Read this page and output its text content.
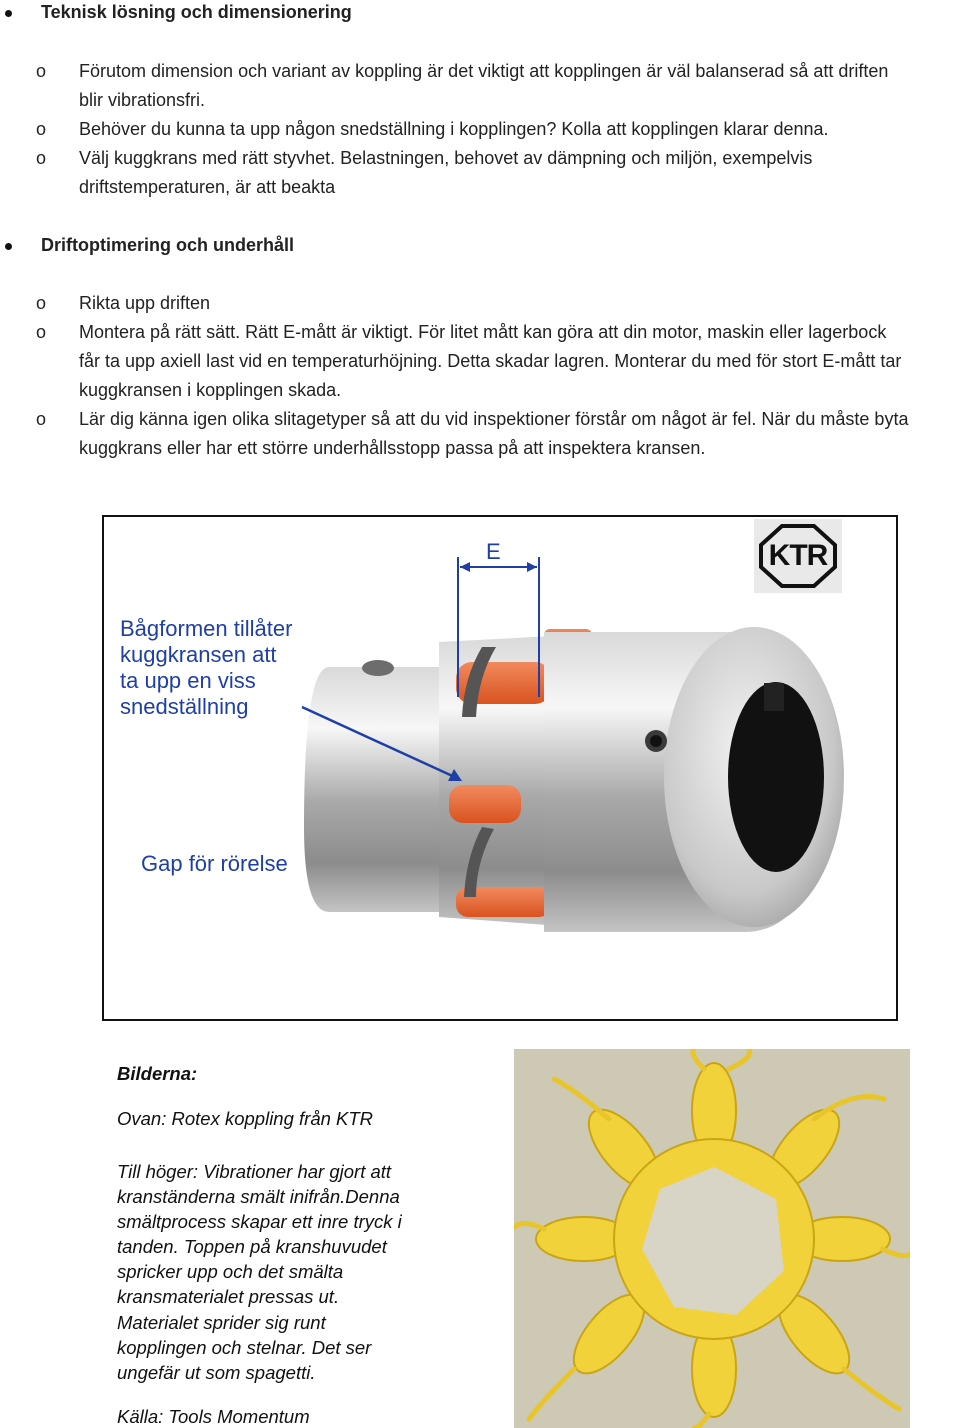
Teknisk lösning och dimensionering
o Förutom dimension och variant av koppling är det viktigt att kopplingen är väl balanserad så att driften
blir vibrationsfri.
o Behöver du kunna ta upp någon snedställning i kopplingen? Kolla att kopplingen klarar denna.
o Välj kuggkrans med rätt styvhet. Belastningen, behovet av dämpning och miljön, exempelvis
driftstemperaturen, är att beakta
Driftoptimering och underhåll
o Rikta upp driften
o Montera på rätt sätt. Rätt E-mått är viktigt. För litet mått kan göra att din motor, maskin eller lagerbock
får ta upp axiell last vid en temperaturhöjning. Detta skadar lagren. Monterar du med för stort E-mått tar
kuggkransen i kopplingen skada.
o Lär dig känna igen olika slitagetyper så att du vid inspektioner förstår om något är fel. När du måste byta
kuggkrans eller har ett större underhållsstopp passa på att inspektera kransen.
KTR
E
Bågformen tillåter
kuggkransen att
ta upp en viss
snedställning
Gap för rörelse
Bilderna:
Ovan: Rotex koppling från KTR
Till höger: Vibrationer har gjort att
kranständerna smält inifrån.Denna
smältprocess skapar ett inre tryck i
tanden. Toppen på kranshuvudet
spricker upp och det smälta
kransmaterialet pressas ut.
Materialet sprider sig runt
kopplingen och stelnar. Det ser
ungefär ut som spagetti.
Källa: Tools Momentum
